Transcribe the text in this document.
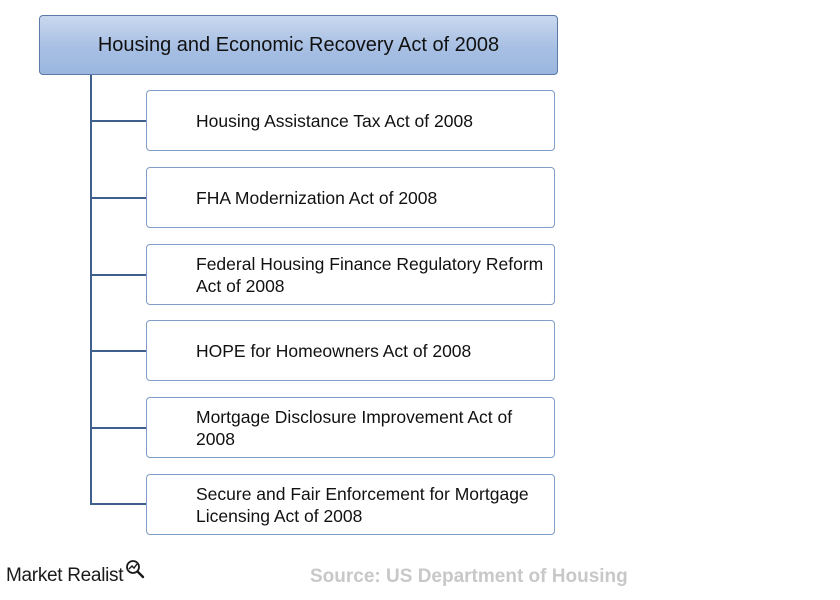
Housing and Economic Recovery Act of 2008
Housing Assistance Tax Act of 2008
FHA Modernization Act of 2008
Federal Housing Finance Regulatory Reform Act of 2008
HOPE for Homeowners Act of 2008
Mortgage Disclosure Improvement Act of 2008
Secure and Fair Enforcement for Mortgage Licensing Act of 2008
Market Realist	Source: US Department of Housing
